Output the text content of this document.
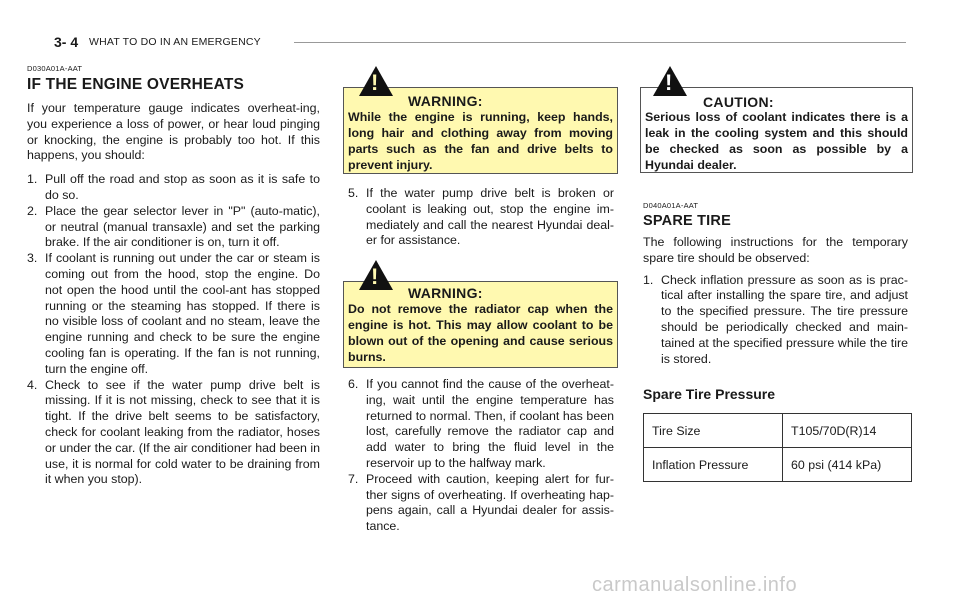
3- 4 WHAT TO DO IN AN EMERGENCY
D030A01A-AAT
IF THE ENGINE OVERHEATS
If your temperature gauge indicates overheat-ing, you experience a loss of power, or hear loud pinging or knocking, the engine is probably too hot. If this happens, you should:
1. Pull off the road and stop as soon as it is safe to do so.
2. Place the gear selector lever in "P" (auto-matic), or neutral (manual transaxle) and set the parking brake. If the air conditioner is on, turn it off.
3. If coolant is running out under the car or steam is coming out from the hood, stop the engine. Do not open the hood until the cool-ant has stopped running or the steaming has stopped. If there is no visible loss of coolant and no steam, leave the engine running and check to be sure the engine cooling fan is operating. If the fan is not running, turn the engine off.
4. Check to see if the water pump drive belt is missing. If it is not missing, check to see that it is tight. If the drive belt seems to be satisfactory, check for coolant leaking from the radiator, hoses or under the car. (If the air conditioner had been in use, it is normal for cold water to be draining from it when you stop).
!
WARNING:
While the engine is running, keep hands, long hair and clothing away from moving parts such as the fan and drive belts to prevent injury.
5. If the water pump drive belt is broken or coolant is leaking out, stop the engine im-mediately and call the nearest Hyundai deal-er for assistance.
!
WARNING:
Do not remove the radiator cap when the engine is hot. This may allow coolant to be blown out of the opening and cause serious burns.
6. If you cannot find the cause of the overheat-ing, wait until the engine temperature has returned to normal. Then, if coolant has been lost, carefully remove the radiator cap and add water to bring the fluid level in the reservoir up to the halfway mark.
7. Proceed with caution, keeping alert for fur-ther signs of overheating. If overheating hap-pens again, call a Hyundai dealer for assis-tance.
!
CAUTION:
Serious loss of coolant indicates there is a leak in the cooling system and this should be checked as soon as possible by a Hyundai dealer.
D040A01A-AAT
SPARE TIRE
The following instructions for the temporary spare tire should be observed:
1. Check inflation pressure as soon as is prac-tical after installing the spare tire, and adjust to the specified pressure. The tire pressure should be periodically checked and main-tained at the specified pressure while the tire is stored.
Spare Tire Pressure
Tire Size	T105/70D(R)14
Inflation Pressure	60 psi (414 kPa)
carmanualsonline.info
